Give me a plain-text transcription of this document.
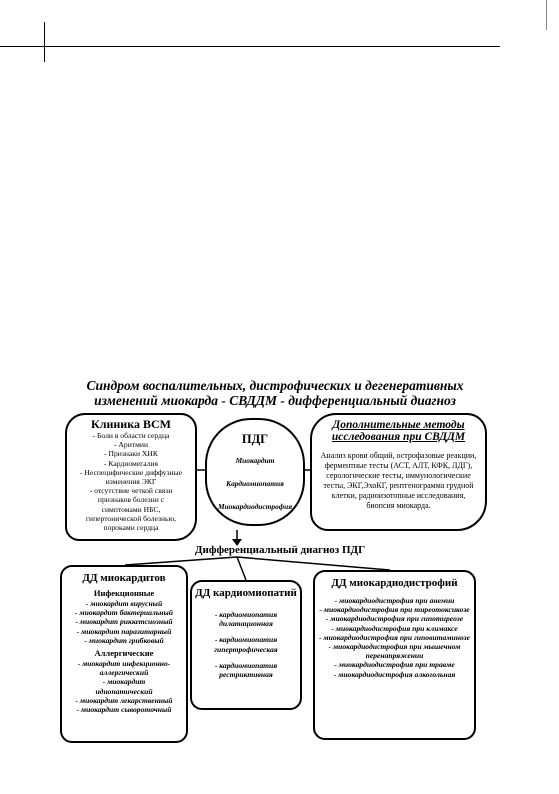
Синдром воспалительных, дистрофических и дегенеративных изменений миокарда - СВДДМ - дифференциальный диагноз
Клиника ВСМ
- Боли в области сердца
- Аритмии
- Признаки ХНК
- Кардиомегалия
- Неспецифические диффузные
изменения ЭКГ
- отсутствие четкой связи
признаков болезни с
симптомами ИБС,
гипертонической болезнью,
пороками сердца
ПДГ
Миокардит
Кардиомиопатия
Миокардиодистрофия
Дополнительные методы исследования при СВДДМ
Анализ крови общий, острофазовые реакции, ферментные тесты (АСТ, АЛТ, КФК, ЛДГ), серологические тесты, иммунологические тесты, ЭКГ,ЭхоКГ, рентгенограмма грудной клетки, радиоизотопные исследования, биопсия миокарда.
Дифференциальный диагноз ПДГ
ДД миокардитов
Инфекционные
- миокардит вирусный
- миокардит бактериальный
- миокардит риккетсиозный
- миокардит паразитарный
- миокардит грибковый
Аллергические
- миокардит инфекционно-
аллергический
- миокардит
идиопатический
- миокардит лекарственный
- миокардит сывороточный
ДД кардиомиопатий
- кардиомиопатия дилатационная
- кардиомиопатия гипертрофическая
- кардиомиопатия рестриктивная
ДД миокардиодистрофий
- миокардиодистрофия при анемии
- миокардиодистрофия при тиреотоксикозе
- миокардиодистрофия при гипотиреозе
- миокардиодистрофия при климаксе
- миокардиодистрофия при гиповитаминозе
- миокардиодистрофия при мышечном перенапряжении
- миокардиодистрофия при травме
- миокардиодистрофия алкогольная
